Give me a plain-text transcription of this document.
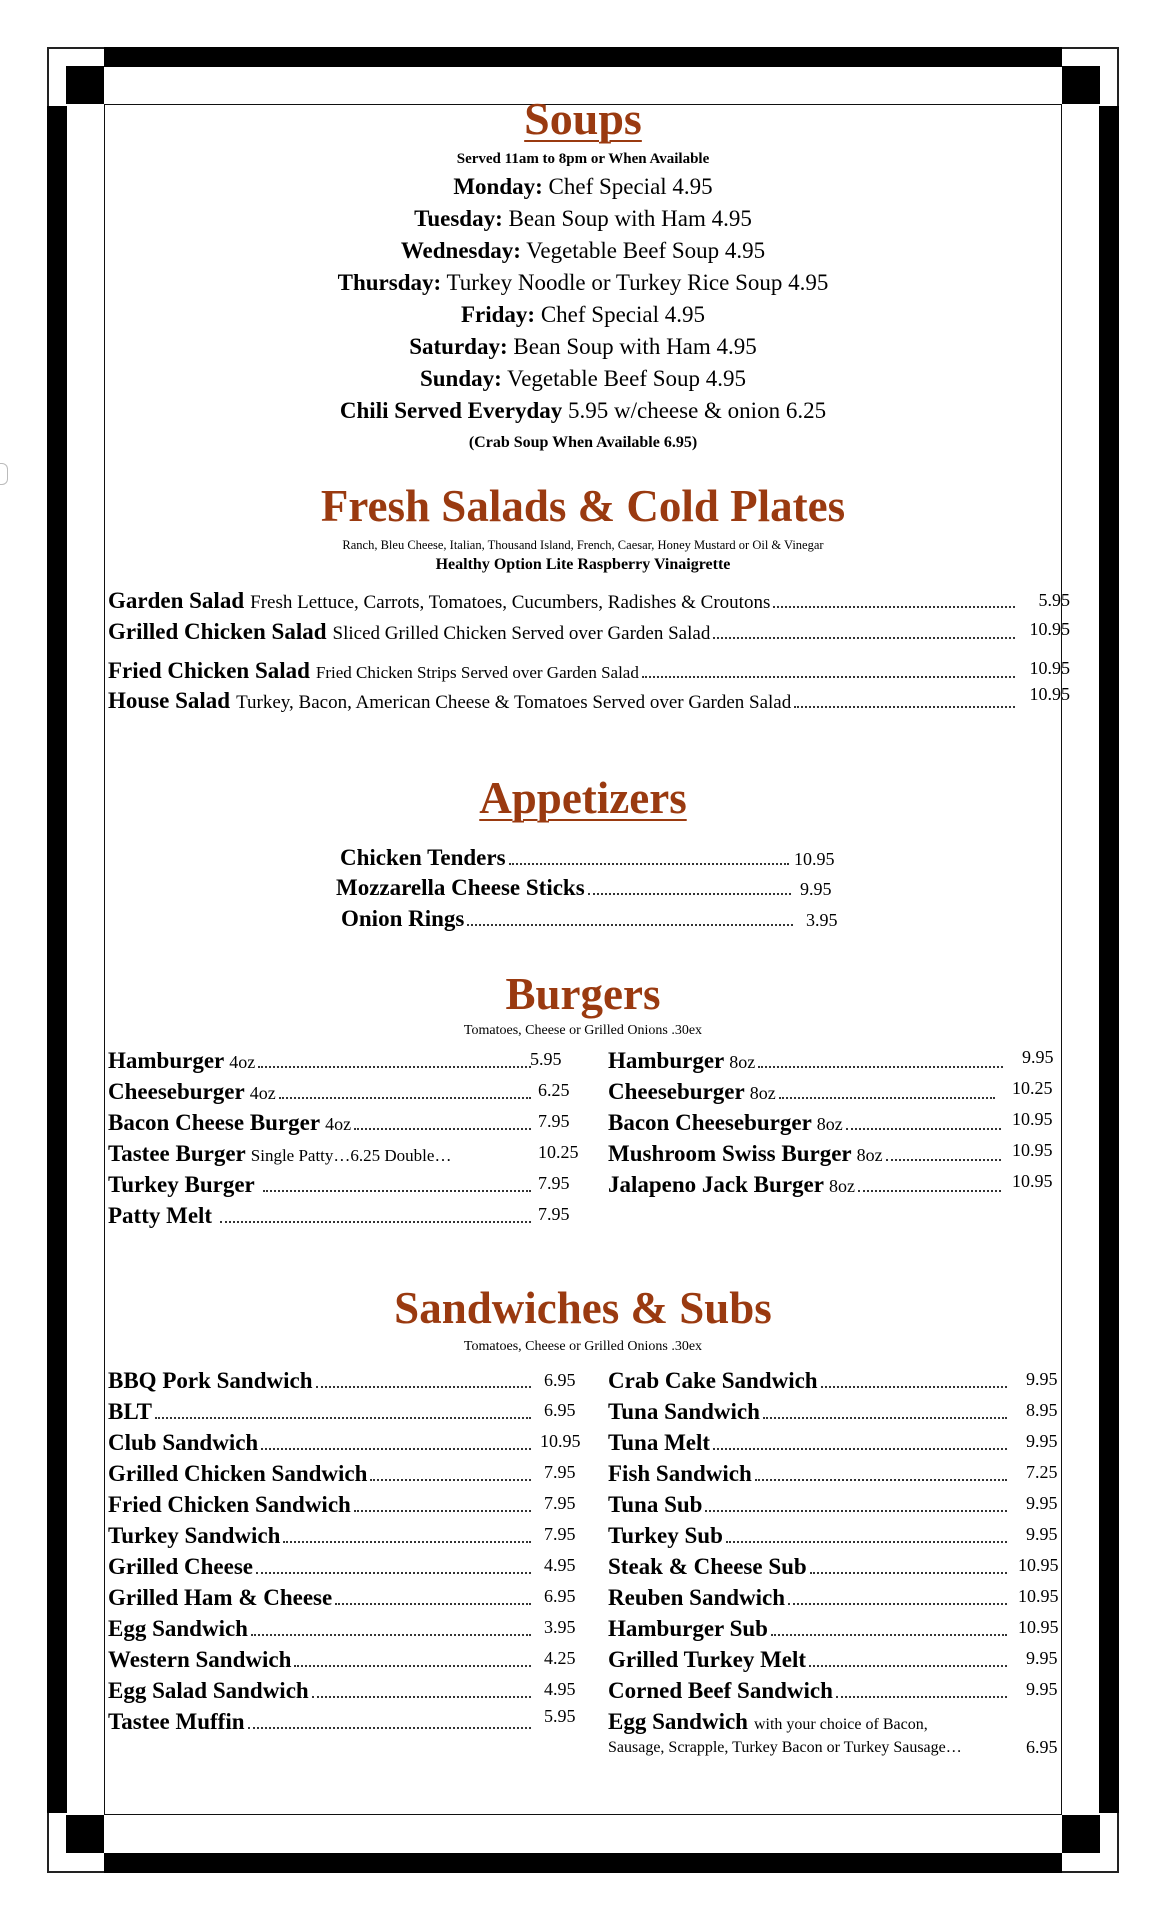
Soups
Served 11am to 8pm or When Available
Monday: Chef Special 4.95
Tuesday: Bean Soup with Ham 4.95
Wednesday: Vegetable Beef Soup 4.95
Thursday: Turkey Noodle or Turkey Rice Soup 4.95
Friday: Chef Special 4.95
Saturday: Bean Soup with Ham 4.95
Sunday: Vegetable Beef Soup 4.95
Chili Served Everyday 5.95 w/cheese & onion 6.25
(Crab Soup When Available 6.95)
Fresh Salads & Cold Plates
Ranch, Bleu Cheese, Italian, Thousand Island, French, Caesar, Honey Mustard or Oil & Vinegar
Healthy Option Lite Raspberry Vinaigrette
Garden Salad Fresh Lettuce, Carrots, Tomatoes, Cucumbers, Radishes & Croutons	5.95
Grilled Chicken Salad Sliced Grilled Chicken Served over Garden Salad	10.95
Fried Chicken Salad Fried Chicken Strips Served over Garden Salad	10.95
House Salad Turkey, Bacon, American Cheese & Tomatoes Served over Garden Salad	10.95
Appetizers
Chicken Tenders	10.95
Mozzarella Cheese Sticks	9.95
Onion Rings	3.95
Burgers
Tomatoes, Cheese or Grilled Onions .30ex
Hamburger 4oz	5.95
Cheeseburger 4oz	6.25
Bacon Cheese Burger 4oz	7.95
Tastee Burger Single Patty…6.25 Double…	10.25
Turkey Burger	7.95
Patty Melt	7.95
Hamburger 8oz	9.95
Cheeseburger 8oz	10.25
Bacon Cheeseburger 8oz	10.95
Mushroom Swiss Burger 8oz	10.95
Jalapeno Jack Burger 8oz	10.95
Sandwiches & Subs
Tomatoes, Cheese or Grilled Onions .30ex
BBQ Pork Sandwich	6.95
BLT	6.95
Club Sandwich	10.95
Grilled Chicken Sandwich	7.95
Fried Chicken Sandwich	7.95
Turkey Sandwich	7.95
Grilled Cheese	4.95
Grilled Ham & Cheese	6.95
Egg Sandwich	3.95
Western Sandwich	4.25
Egg Salad Sandwich	4.95
Tastee Muffin	5.95
Crab Cake Sandwich	9.95
Tuna Sandwich	8.95
Tuna Melt	9.95
Fish Sandwich	7.25
Tuna Sub	9.95
Turkey Sub	9.95
Steak & Cheese Sub	10.95
Reuben Sandwich	10.95
Hamburger Sub	10.95
Grilled Turkey Melt	9.95
Corned Beef Sandwich	9.95
Egg Sandwich with your choice of Bacon,
Sausage, Scrapple, Turkey Bacon or Turkey Sausage…	6.95
